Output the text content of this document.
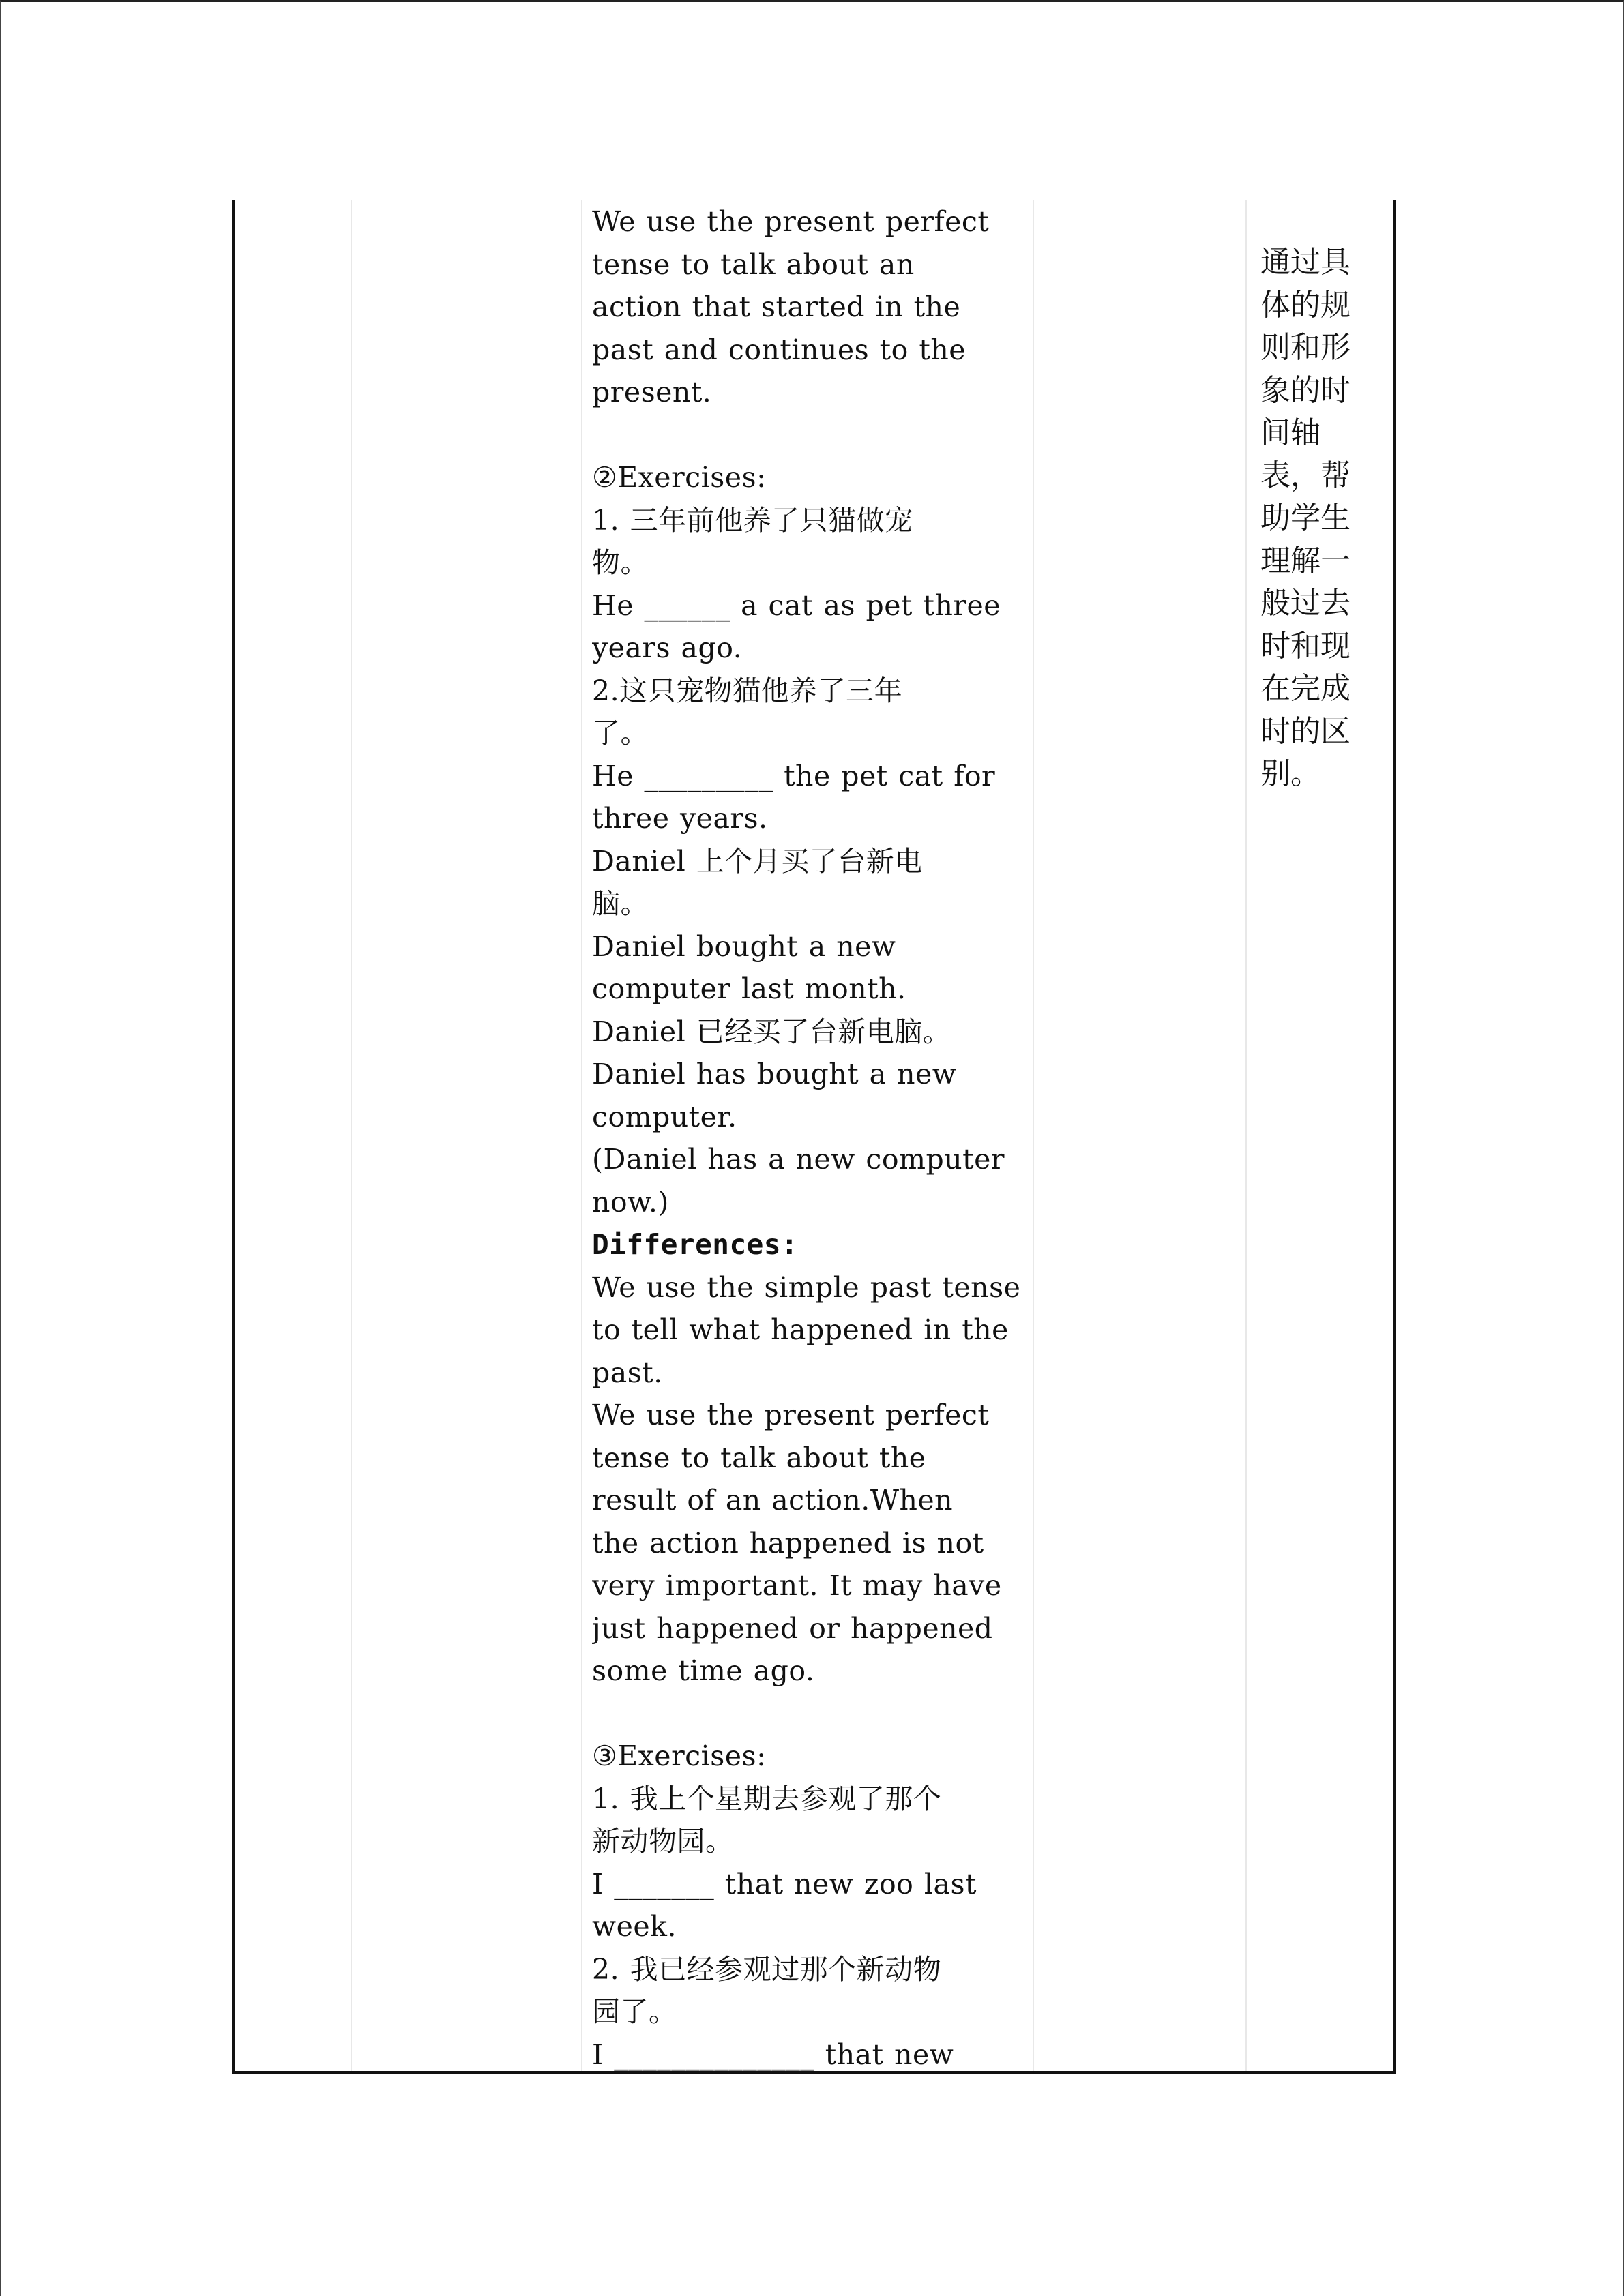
We use the present perfect
tense to talk about an
action that started in the
past and continues to the
present.
②Exercises:
1. 三年前他养了只猫做宠
物。
He ______ a cat as pet three
years ago.
2.这只宠物猫他养了三年
了。
He _________ the pet cat for
three years.
Daniel 上个月买了台新电
脑。
Daniel bought a new
computer last month.
Daniel 已经买了台新电脑。
Daniel has bought a new
computer.
(Daniel has a new computer
now.)
Differences:
We use the simple past tense
to tell what happened in the
past.
We use the present perfect
tense to talk about the
result of an action.When
the action happened is not
very important. It may have
just happened or happened
some time ago.
③Exercises:
1. 我上个星期去参观了那个
新动物园。
I _______ that new zoo last
week.
2. 我已经参观过那个新动物
园了。
I ______________ that new
通过具
体的规
则和形
象的时
间轴
表，帮
助学生
理解一
般过去
时和现
在完成
时的区
别。
